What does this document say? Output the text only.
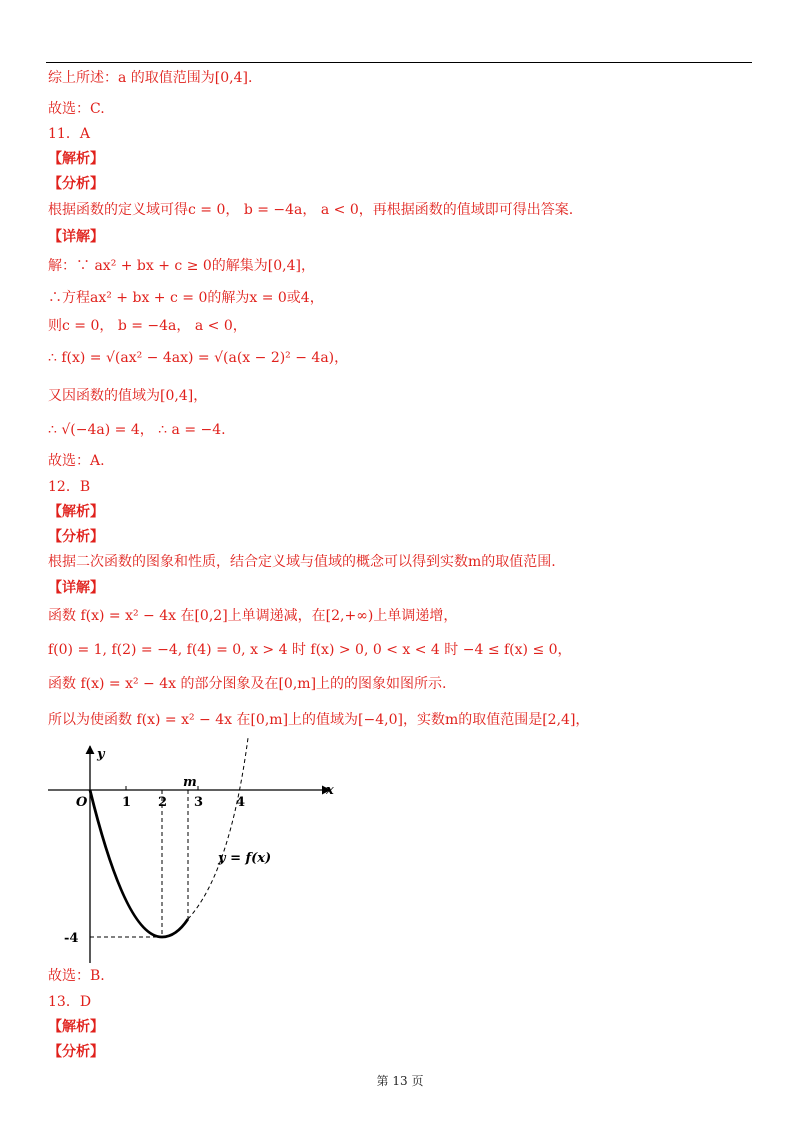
综上所述：a 的取值范围为[0,4].
故选：C.
11．A
【解析】
【分析】
根据函数的定义域可得c = 0， b = −4a， a < 0，再根据函数的值域即可得出答案.
【详解】
解：∵ ax² + bx + c ≥ 0的解集为[0,4]，
∴方程ax² + bx + c = 0的解为x = 0或4，
则c = 0， b = −4a， a < 0，
∴ f(x) = √(ax² − 4ax) = √(a(x − 2)² − 4a)，
又因函数的值域为[0,4]，
∴ √(−4a) = 4， ∴ a = −4.
故选：A.
12．B
【解析】
【分析】
根据二次函数的图象和性质，结合定义域与值域的概念可以得到实数m的取值范围.
【详解】
函数 f(x) = x² − 4x 在[0,2]上单调递减，在[2,+∞)上单调递增，
f(0) = 1, f(2) = −4, f(4) = 0, x > 4 时 f(x) > 0, 0 < x < 4 时 −4 ≤ f(x) ≤ 0，
函数 f(x) = x² − 4x 的部分图象及在[0,m]上的的图象如图所示.
所以为使函数 f(x) = x² − 4x 在[0,m]上的值域为[−4,0]，实数m的取值范围是[2,4]，
y
x
O	1 2 3	4
m
-4
y = f(x)
故选：B.
13．D
【解析】
【分析】
第 13 页
